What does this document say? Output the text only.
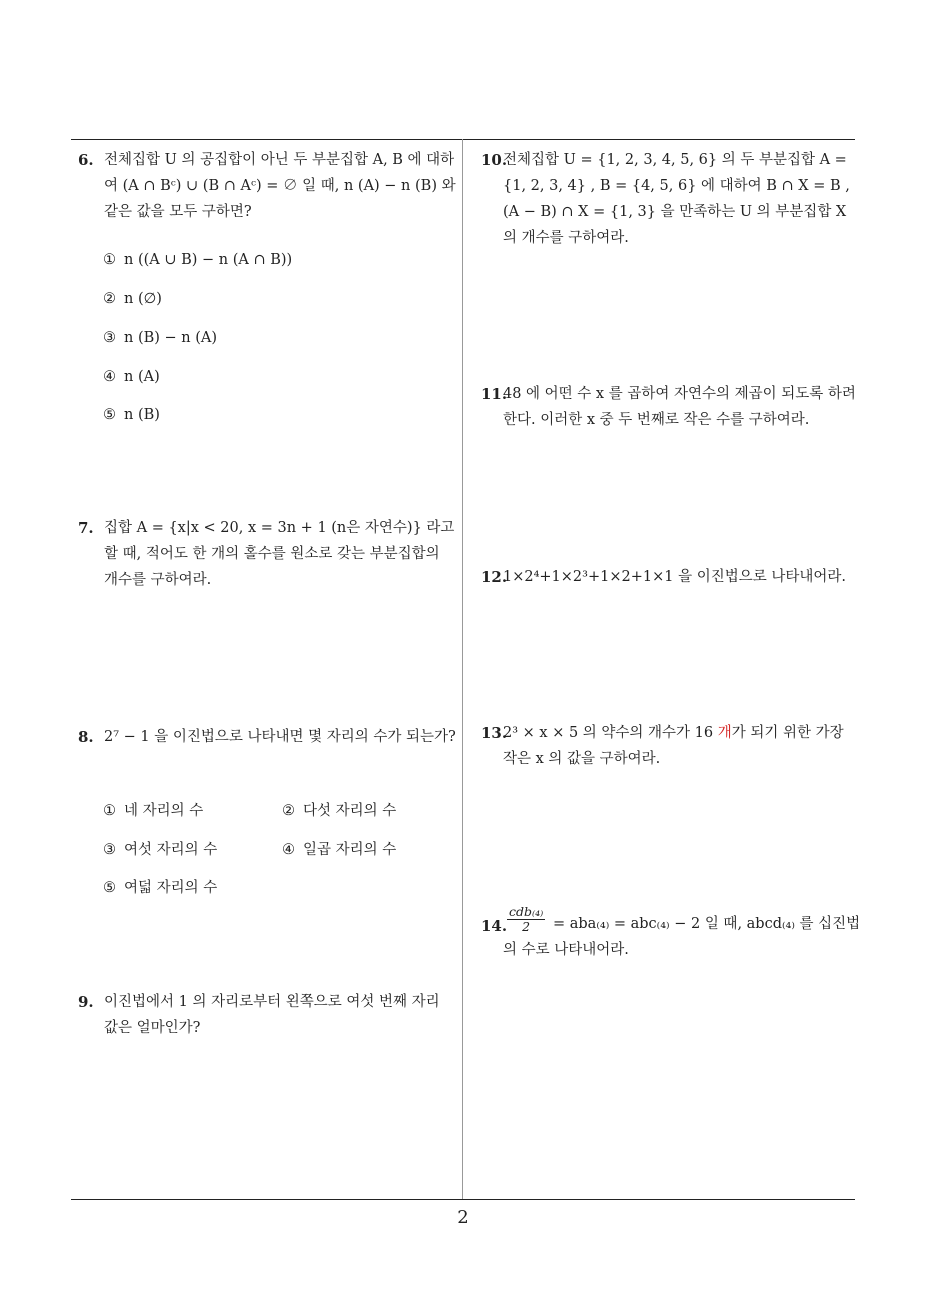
6. 전체집합 U 의 공집합이 아닌 두 부분집합 A, B 에 대하여 (A ∩ Bᶜ) ∪ (B ∩ Aᶜ) = ∅ 일 때, n (A) − n (B) 와 같은 값을 모두 구하면?
① n ((A ∪ B) − n (A ∩ B))
② n (∅)
③ n (B) − n (A)
④ n (A)
⑤ n (B)
7. 집합 A = {x|x < 20, x = 3n + 1 (n은 자연수)} 라고 할 때, 적어도 한 개의 홀수를 원소로 갖는 부분집합의 개수를 구하여라.
8. 2⁷ − 1 을 이진법으로 나타내면 몇 자리의 수가 되는가?
① 네 자리의 수	② 다섯 자리의 수
③ 여섯 자리의 수	④ 일곱 자리의 수
⑤ 여덟 자리의 수
9. 이진법에서 1 의 자리로부터 왼쪽으로 여섯 번째 자리 값은 얼마인가?
10.
전체집합 U = {1, 2, 3, 4, 5, 6} 의 두 부분집합 A = {1, 2, 3, 4} , B = {4, 5, 6} 에 대하여 B ∩ X = B , (A − B) ∩ X = {1, 3} 을 만족하는 U 의 부분집합 X 의 개수를 구하여라.
11.
48 에 어떤 수 x 를 곱하여 자연수의 제곱이 되도록 하려 한다. 이러한 x 중 두 번째로 작은 수를 구하여라.
12.
1×2⁴+1×2³+1×2+1×1 을 이진법으로 나타내어라.
13.
2³ × x × 5 의 약수의 개수가 16 개가 되기 위한 가장 작은 x 의 값을 구하여라.
14.
cdb₍₄₎
2	= aba₍₄₎ = abc₍₄₎ − 2 일 때, abcd₍₄₎ 를 십진법
의 수로 나타내어라.
2
